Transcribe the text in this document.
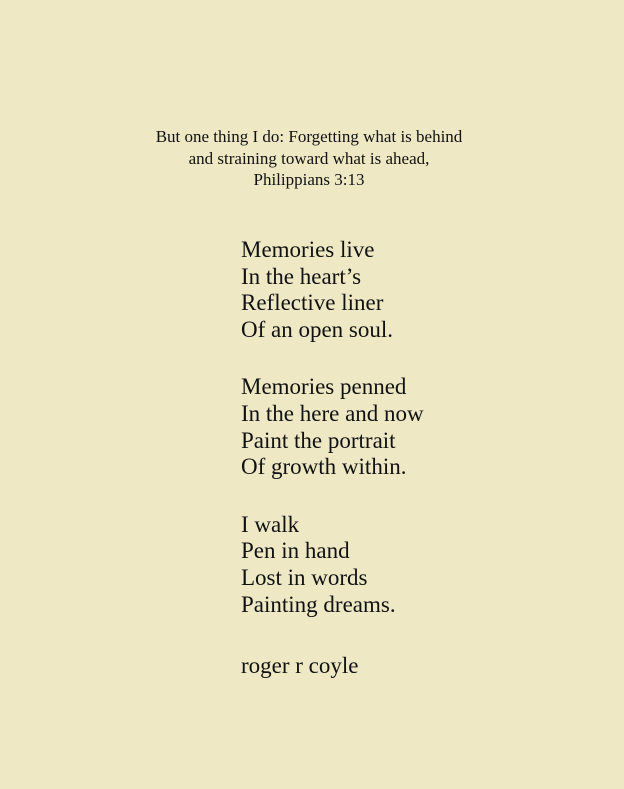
But one thing I do: Forgetting what is behind
and straining toward what is ahead,
Philippians 3:13
Memories live
In the heart’s
Reflective liner
Of an open soul.
Memories penned
In the here and now
Paint the portrait
Of growth within.
I walk
Pen in hand
Lost in words
Painting dreams.
roger r coyle
